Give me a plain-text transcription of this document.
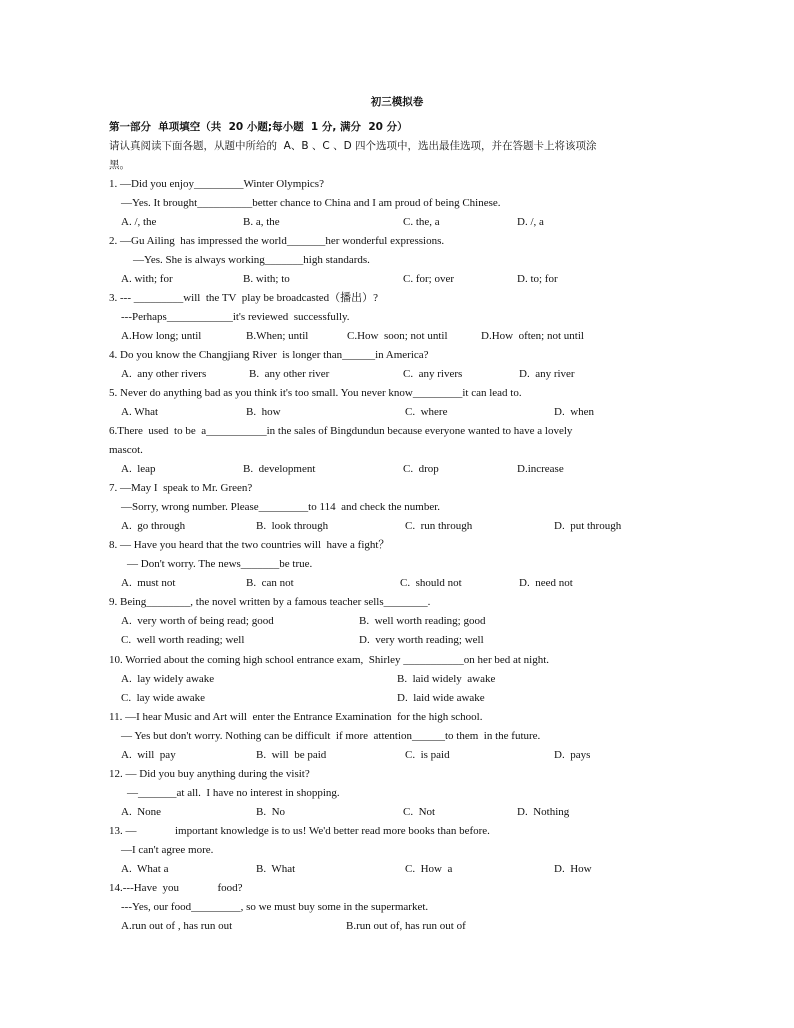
初三模拟卷
第一部分  单项填空（共  20 小题;每小题  1 分, 满分  20 分）
请认真阅读下面各题，从题中所给的  A、B 、C 、D 四个选项中，选出最佳选项，并在答题卡上将该项涂
黑。
1. —Did you enjoy_________Winter Olympics?
—Yes. It brought__________better chance to China and I am proud of being Chinese.
A. /, the	B. a, the	C. the, a	D. /, a
2. —Gu Ailing  has impressed the world_______her wonderful expressions.
—Yes. She is always working_______high standards.
A. with; for	B. with; to	C. for; over	D. to; for
3. --- _________will  the TV  play be broadcasted（播出）?
---Perhaps____________it's reviewed  successfully.
A.How long; until	B.When; until	C.How  soon; not until	D.How  often; not until
4. Do you know the Changjiang River  is longer than______in America?
A.  any other rivers	B.  any other river	C.  any rivers	D.  any river
5. Never do anything bad as you think it's too small. You never know_________it can lead to.
A. What	B.  how	C.  where	D.  when
6.There  used  to be  a___________in the sales of Bingdundun because everyone wanted to have a lovely
mascot.
A.  leap	B.  development	C.  drop	D.increase
7. —May I  speak to Mr. Green?
—Sorry, wrong number. Please_________to 114  and check the number.
A.  go through	B.  look through	C.  run through	D.  put through
8. — Have you heard that the two countries will  have a fight？
— Don't worry. The news_______be true.
A.  must not	B.  can not	C.  should not	D.  need not
9. Being________, the novel written by a famous teacher sells________.
A.  very worth of being read; good	B.  well worth reading; good
C.  well worth reading; well	D.  very worth reading; well
10. Worried about the coming high school entrance exam,  Shirley ___________on her bed at night.
A.  lay widely awake	B.  laid widely  awake
C.  lay wide awake	D.  laid wide awake
11. —I hear Music and Art will  enter the Entrance Examination  for the high school.
— Yes but don't worry. Nothing can be difficult  if more  attention______to them  in the future.
A.  will  pay	B.  will  be paid	C.  is paid	D.  pays
12. — Did you buy anything during the visit?
—_______at all.  I have no interest in shopping.
A.  None	B.  No	C.  Not	D.  Nothing
13. —              important knowledge is to us! We'd better read more books than before.
—I can't agree more.
A.  What a	B.  What	C.  How  a	D.  How
14.---Have  you              food?
---Yes, our food_________, so we must buy some in the supermarket.
A.run out of , has run out	B.run out of, has run out of
